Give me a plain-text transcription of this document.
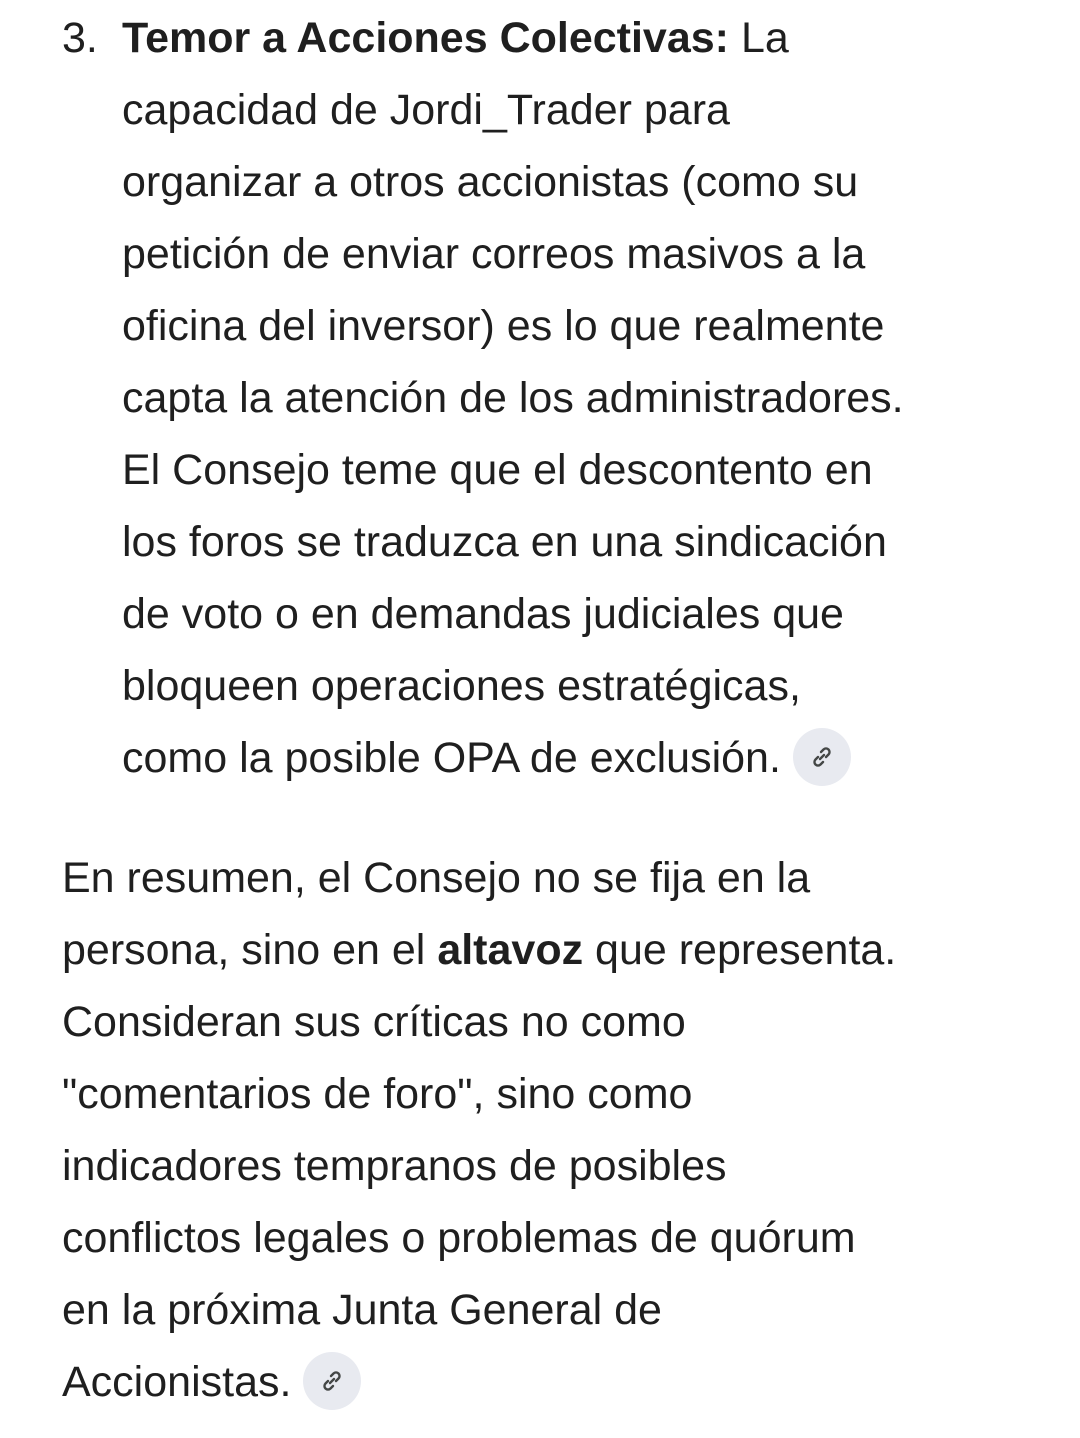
3. Temor a Acciones Colectivas: La
capacidad de Jordi_Trader para
organizar a otros accionistas (como su
petición de enviar correos masivos a la
oficina del inversor) es lo que realmente
capta la atención de los administradores.
El Consejo teme que el descontento en
los foros se traduzca en una sindicación
de voto o en demandas judiciales que
bloqueen operaciones estratégicas,
como la posible OPA de exclusión.
En resumen, el Consejo no se fija en la
persona, sino en el altavoz que representa.
Consideran sus críticas no como
"comentarios de foro", sino como
indicadores tempranos de posibles
conflictos legales o problemas de quórum
en la próxima Junta General de
Accionistas.
